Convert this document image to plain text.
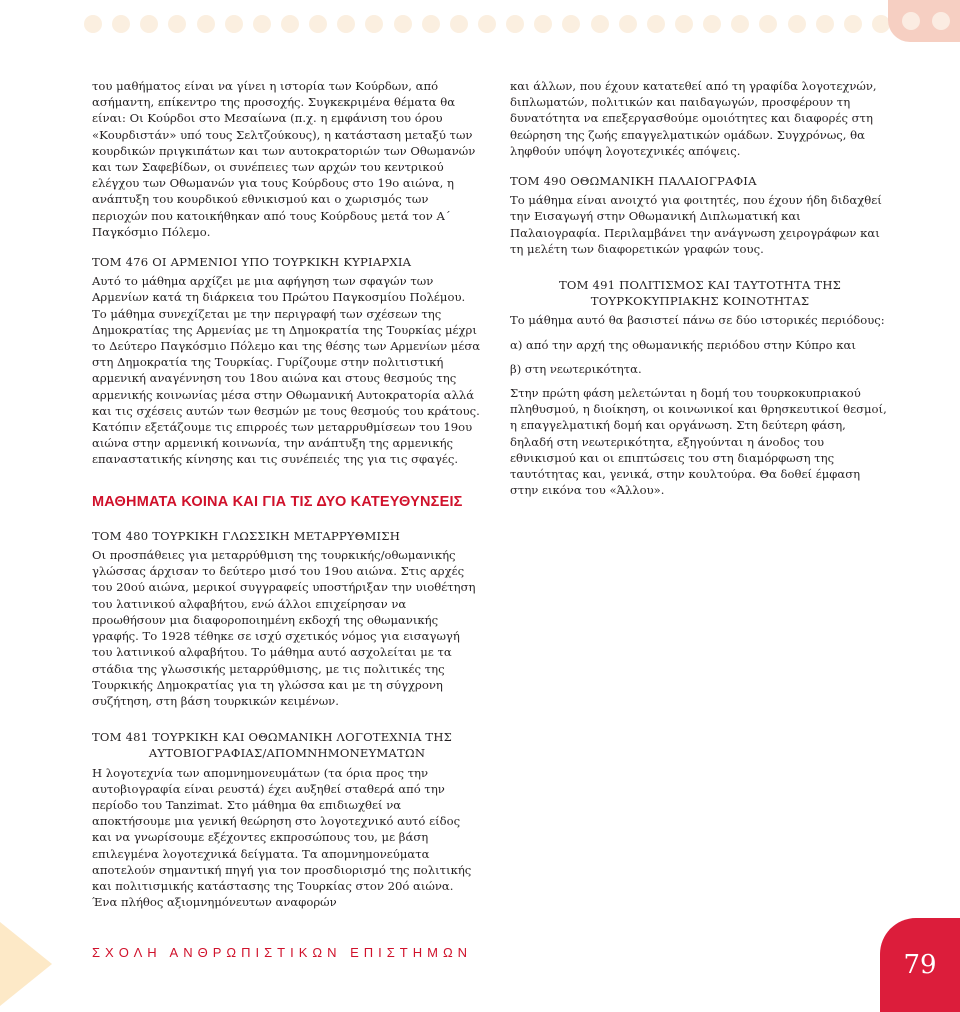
του μαθήματος είναι να γίνει η ιστορία των Κούρδων, από ασήμαντη, επίκεντρο της προσοχής. Συγκεκριμένα θέματα θα είναι: Οι Κούρδοι στο Μεσαίωνα (π.χ. η εμφάνιση του όρου «Κουρδιστάν» υπό τους Σελτζούκους), η κατάσταση μεταξύ των κουρδικών πριγκιπάτων και των αυτοκρατοριών των Οθωμανών και των Σαφεβίδων, οι συνέπειες των αρχών του κεντρικού ελέγχου των Οθωμανών για τους Κούρδους στο 19ο αιώνα, η ανάπτυξη του κουρδικού εθνικισμού και ο χωρισμός των περιοχών που κατοικήθηκαν από τους Κούρδους μετά τον Α΄ Παγκόσμιο Πόλεμο.

ΤΟΜ 476 ΟΙ ΑΡΜΕΝΙΟΙ ΥΠΟ ΤΟΥΡΚΙΚΗ ΚΥΡΙΑΡΧΙΑ

Αυτό το μάθημα αρχίζει με μια αφήγηση των σφαγών των Αρμενίων κατά τη διάρκεια του Πρώτου Παγκοσμίου Πολέμου. Το μάθημα συνεχίζεται με την περιγραφή των σχέσεων της Δημοκρατίας της Αρμενίας με τη Δημοκρατία της Τουρκίας μέχρι το Δεύτερο Παγκόσμιο Πόλεμο και της θέσης των Αρμενίων μέσα στη Δημοκρατία της Τουρκίας. Γυρίζουμε στην πολιτιστική αρμενική αναγέννηση του 18ου αιώνα και στους θεσμούς της αρμενικής κοινωνίας μέσα στην Οθωμανική Αυτοκρατορία αλλά και τις σχέσεις αυτών των θεσμών με τους θεσμούς του κράτους. Κατόπιν εξετάζουμε τις επιρροές των μεταρρυθμίσεων του 19ου αιώνα στην αρμενική κοινωνία, την ανάπτυξη της αρμενικής επαναστατικής κίνησης και τις συνέπειές της για τις σφαγές.

ΜΑΘΗΜΑΤΑ ΚΟΙΝΑ ΚΑΙ ΓΙΑ ΤΙΣ ΔΥΟ ΚΑΤΕΥΘΥΝΣΕΙΣ
ΤΟΜ 480 ΤΟΥΡΚΙΚΗ ΓΛΩΣΣΙΚΗ ΜΕΤΑΡΡΥΘΜΙΣΗ

Οι προσπάθειες για μεταρρύθμιση της τουρκικής/οθωμανικής γλώσσας άρχισαν το δεύτερο μισό του 19ου αιώνα. Στις αρχές του 20ού αιώνα, μερικοί συγγραφείς υποστήριξαν την υιοθέτηση του λατινικού αλφαβήτου, ενώ άλλοι επιχείρησαν να προωθήσουν μια διαφοροποιημένη εκδοχή της οθωμανικής γραφής. Το 1928 τέθηκε σε ισχύ σχετικός νόμος για εισαγωγή του λατινικού αλφαβήτου. Το μάθημα αυτό ασχολείται με τα στάδια της γλωσσικής μεταρρύθμισης, με τις πολιτικές της Τουρκικής Δημοκρατίας για τη γλώσσα και με τη σύγχρονη συζήτηση, στη βάση τουρκικών κειμένων.

ΤΟΜ 481 ΤΟΥΡΚΙΚΗ ΚΑΙ ΟΘΩΜΑΝΙΚΗ ΛΟΓΟΤΕΧΝΙΑ ΤΗΣ
ΑΥΤΟΒΙΟΓΡΑΦΙΑΣ/ΑΠΟΜΝΗΜΟΝΕΥΜΑΤΩΝ

Η λογοτεχνία των απομνημονευμάτων (τα όρια προς την αυτοβιογραφία είναι ρευστά) έχει αυξηθεί σταθερά από την περίοδο του Tanzimat. Στο μάθημα θα επιδιωχθεί να αποκτήσουμε μια γενική θεώρηση στο λογοτεχνικό αυτό είδος και να γνωρίσουμε εξέχοντες εκπροσώπους του, με βάση επιλεγμένα λογοτεχνικά δείγματα. Τα απομνημονεύματα αποτελούν σημαντική πηγή για τον προσδιορισμό της πολιτικής και πολιτισμικής κατάστασης της Τουρκίας στον 20ό αιώνα. Ένα πλήθος αξιομνημόνευτων αναφορών

και άλλων, που έχουν κατατεθεί από τη γραφίδα λογοτεχνών, διπλωματών, πολιτικών και παιδαγωγών, προσφέρουν τη δυνατότητα να επεξεργασθούμε ομοιότητες και διαφορές στη θεώρηση της ζωής επαγγελματικών ομάδων. Συγχρόνως, θα ληφθούν υπόψη λογοτεχνικές απόψεις.

ΤΟΜ 490 ΟΘΩΜΑΝΙΚΗ ΠΑΛΑΙΟΓΡΑΦΙΑ

Το μάθημα είναι ανοιχτό για φοιτητές, που έχουν ήδη διδαχθεί την Εισαγωγή στην Οθωμανική Διπλωματική και Παλαιογραφία. Περιλαμβάνει την ανάγνωση χειρογράφων και τη μελέτη των διαφορετικών γραφών τους.

ΤΟΜ 491 ΠΟΛΙΤΙΣΜΟΣ ΚΑΙ ΤΑΥΤΟΤΗΤΑ ΤΗΣ
ΤΟΥΡΚΟΚΥΠΡΙΑΚΗΣ ΚΟΙΝΟΤΗΤΑΣ

Το μάθημα αυτό θα βασιστεί πάνω σε δύο ιστορικές περιόδους:

α) από την αρχή της οθωμανικής περιόδου στην Κύπρο και

β) στη νεωτερικότητα.

Στην πρώτη φάση μελετώνται η δομή του τουρκοκυπριακού πληθυσμού, η διοίκηση, οι κοινωνικοί και θρησκευτικοί θεσμοί, η επαγγελματική δομή και οργάνωση. Στη δεύτερη φάση, δηλαδή στη νεωτερικότητα, εξηγούνται η άνοδος του εθνικισμού και οι επιπτώσεις του στη διαμόρφωση της ταυτότητας και, γενικά, στην κουλτούρα. Θα δοθεί έμφαση στην εικόνα του «Άλλου».

ΣΧΟΛΗ ΑΝΘΡΩΠΙΣΤΙΚΩΝ ΕΠΙΣΤΗΜΩΝ	79
